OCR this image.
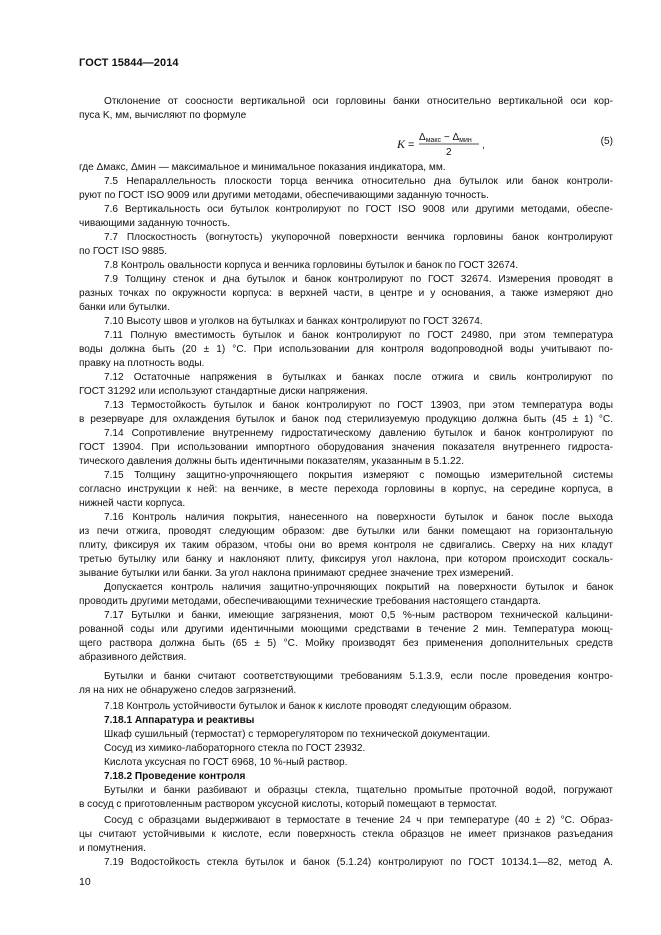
ГОСТ 15844—2014
Отклонение от соосности вертикальной оси горловины банки относительно вертикальной оси кор-
пуса K, мм, вычисляют по формуле
K =
$\Delta_{макс} - \Delta_{мин}$
2
,	(5)
где Δмакс, Δмин — максимальное и минимальное показания индикатора, мм.
7.5 Непараллельность плоскости торца венчика относительно дна бутылок или банок контроли-
руют по ГОСТ ISO 9009 или другими методами, обеспечивающими заданную точность.
7.6 Вертикальность оси бутылок контролируют по ГОСТ ISO 9008 или другими методами, обеспе-
чивающими заданную точность.
7.7 Плоскостность (вогнутость) укупорочной поверхности венчика горловины банок контролируют
по ГОСТ ISO 9885.
7.8 Контроль овальности корпуса и венчика горловины бутылок и банок по ГОСТ 32674.
7.9 Толщину стенок и дна бутылок и банок контролируют по ГОСТ 32674. Измерения проводят в
разных точках по окружности корпуса: в верхней части, в центре и у основания, а также измеряют дно
банки или бутылки.
7.10 Высоту швов и уголков на бутылках и банках контролируют по ГОСТ 32674.
7.11 Полную вместимость бутылок и банок контролируют по ГОСТ 24980, при этом температура
воды должна быть (20 ± 1) °С. При использовании для контроля водопроводной воды учитывают по-
правку на плотность воды.
7.12 Остаточные напряжения в бутылках и банках после отжига и свиль контролируют по
ГОСТ 31292 или используют стандартные диски напряжения.
7.13 Термостойкость бутылок и банок контролируют по ГОСТ 13903, при этом температура воды
в резервуаре для охлаждения бутылок и банок под стерилизуемую продукцию должна быть (45 ± 1) °С.
7.14 Сопротивление внутреннему гидростатическому давлению бутылок и банок контролируют по
ГОСТ 13904. При использовании импортного оборудования значения показателя внутреннего гидроста-
тического давления должны быть идентичными показателям, указанным в 5.1.22.
7.15 Толщину защитно-упрочняющего покрытия измеряют с помощью измерительной системы
согласно инструкции к ней: на венчике, в месте перехода горловины в корпус, на середине корпуса, в
нижней части корпуса.
7.16 Контроль наличия покрытия, нанесенного на поверхности бутылок и банок после выхода
из печи отжига, проводят следующим образом: две бутылки или банки помещают на горизонтальную
плиту, фиксируя их таким образом, чтобы они во время контроля не сдвигались. Сверху на них кладут
третью бутылку или банку и наклоняют плиту, фиксируя угол наклона, при котором происходит соскаль-
зывание бутылки или банки. За угол наклона принимают среднее значение трех измерений.
Допускается контроль наличия защитно-упрочняющих покрытий на поверхности бутылок и банок
проводить другими методами, обеспечивающими технические требования настоящего стандарта.
7.17 Бутылки и банки, имеющие загрязнения, моют 0,5 %-ным раствором технической кальцини-
рованной соды или другими идентичными моющими средствами в течение 2 мин. Температура моющ-
щего раствора должна быть (65 ± 5) °С. Мойку производят без применения дополнительных средств
абразивного действия.
Бутылки и банки считают соответствующими требованиям 5.1.3.9, если после проведения контро-
ля на них не обнаружено следов загрязнений.
7.18 Контроль устойчивости бутылок и банок к кислоте проводят следующим образом.
7.18.1 Аппаратура и реактивы
Шкаф сушильный (термостат) с терморегулятором по технической документации.
Сосуд из химико-лабораторного стекла по ГОСТ 23932.
Кислота уксусная по ГОСТ 6968, 10 %-ный раствор.
7.18.2 Проведение контроля
Бутылки и банки разбивают и образцы стекла, тщательно промытые проточной водой, погружают
в сосуд с приготовленным раствором уксусной кислоты, который помещают в термостат.
Сосуд с образцами выдерживают в термостате в течение 24 ч при температуре (40 ± 2) °С. Образ-
цы считают устойчивыми к кислоте, если поверхность стекла образцов не имеет признаков разъедания
и помутнения.
7.19 Водостойкость стекла бутылок и банок (5.1.24) контролируют по ГОСТ 10134.1—82, метод А.
10
